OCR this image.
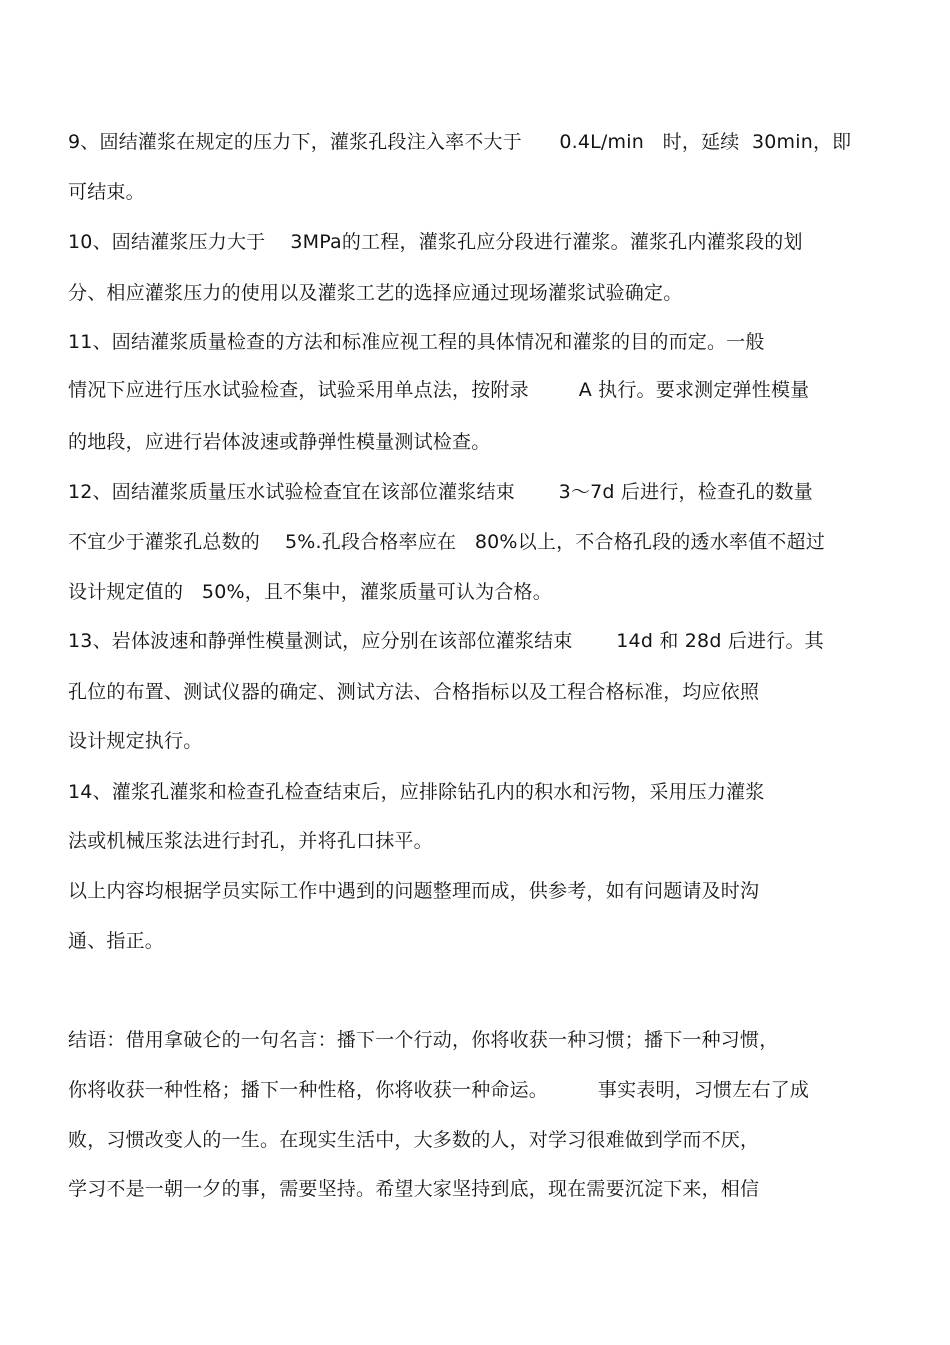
9、固结灌浆在规定的压力下，灌浆孔段注入率不大于      0.4L/min   时，延续  30min，即
可结束。
10、固结灌浆压力大于    3MPa的工程，灌浆孔应分段进行灌浆。灌浆孔内灌浆段的划
分、相应灌浆压力的使用以及灌浆工艺的选择应通过现场灌浆试验确定。
11、固结灌浆质量检查的方法和标准应视工程的具体情况和灌浆的目的而定。一般
情况下应进行压水试验检查，试验采用单点法，按附录        A 执行。要求测定弹性模量
的地段，应进行岩体波速或静弹性模量测试检查。
12、固结灌浆质量压水试验检查宜在该部位灌浆结束       3～7d 后进行，检查孔的数量
不宜少于灌浆孔总数的    5%.孔段合格率应在   80%以上，不合格孔段的透水率值不超过
设计规定值的   50%，且不集中，灌浆质量可认为合格。
13、岩体波速和静弹性模量测试，应分别在该部位灌浆结束       14d 和 28d 后进行。其
孔位的布置、测试仪器的确定、测试方法、合格指标以及工程合格标准，均应依照
设计规定执行。
14、灌浆孔灌浆和检查孔检查结束后，应排除钻孔内的积水和污物，采用压力灌浆
法或机械压浆法进行封孔，并将孔口抹平。
以上内容均根据学员实际工作中遇到的问题整理而成，供参考，如有问题请及时沟
通、指正。
结语：借用拿破仑的一句名言：播下一个行动，你将收获一种习惯；播下一种习惯，
你将收获一种性格；播下一种性格，你将收获一种命运。        事实表明，习惯左右了成
败，习惯改变人的一生。在现实生活中，大多数的人，对学习很难做到学而不厌，
学习不是一朝一夕的事，需要坚持。希望大家坚持到底，现在需要沉淀下来，相信
